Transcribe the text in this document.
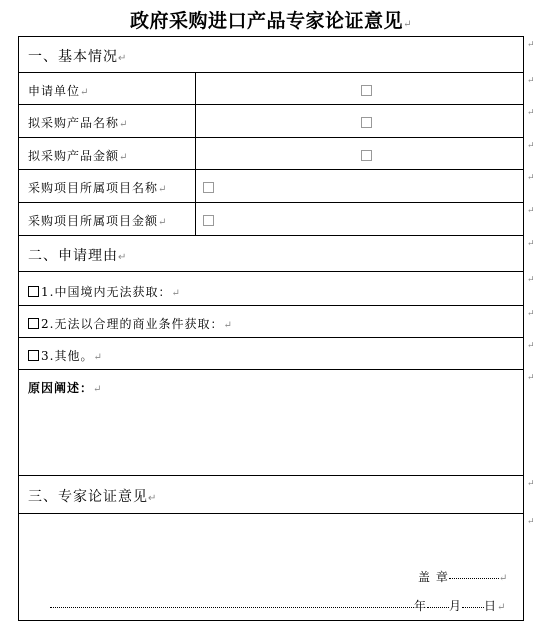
政府采购进口产品专家论证意见↵
一、基本情况↵
申请单位↵
拟采购产品名称↵
拟采购产品金额↵
采购项目所属项目名称↵
采购项目所属项目金额↵
二、申请理由↵
1.中国境内无法获取：↵
2.无法以合理的商业条件获取：↵
3.其他。↵
原因阐述：↵
三、专家论证意见↵
盖 章	↵
年 月 日↵
↵
↵
↵
↵
↵
↵
↵
↵
↵
↵
↵
↵
↵
